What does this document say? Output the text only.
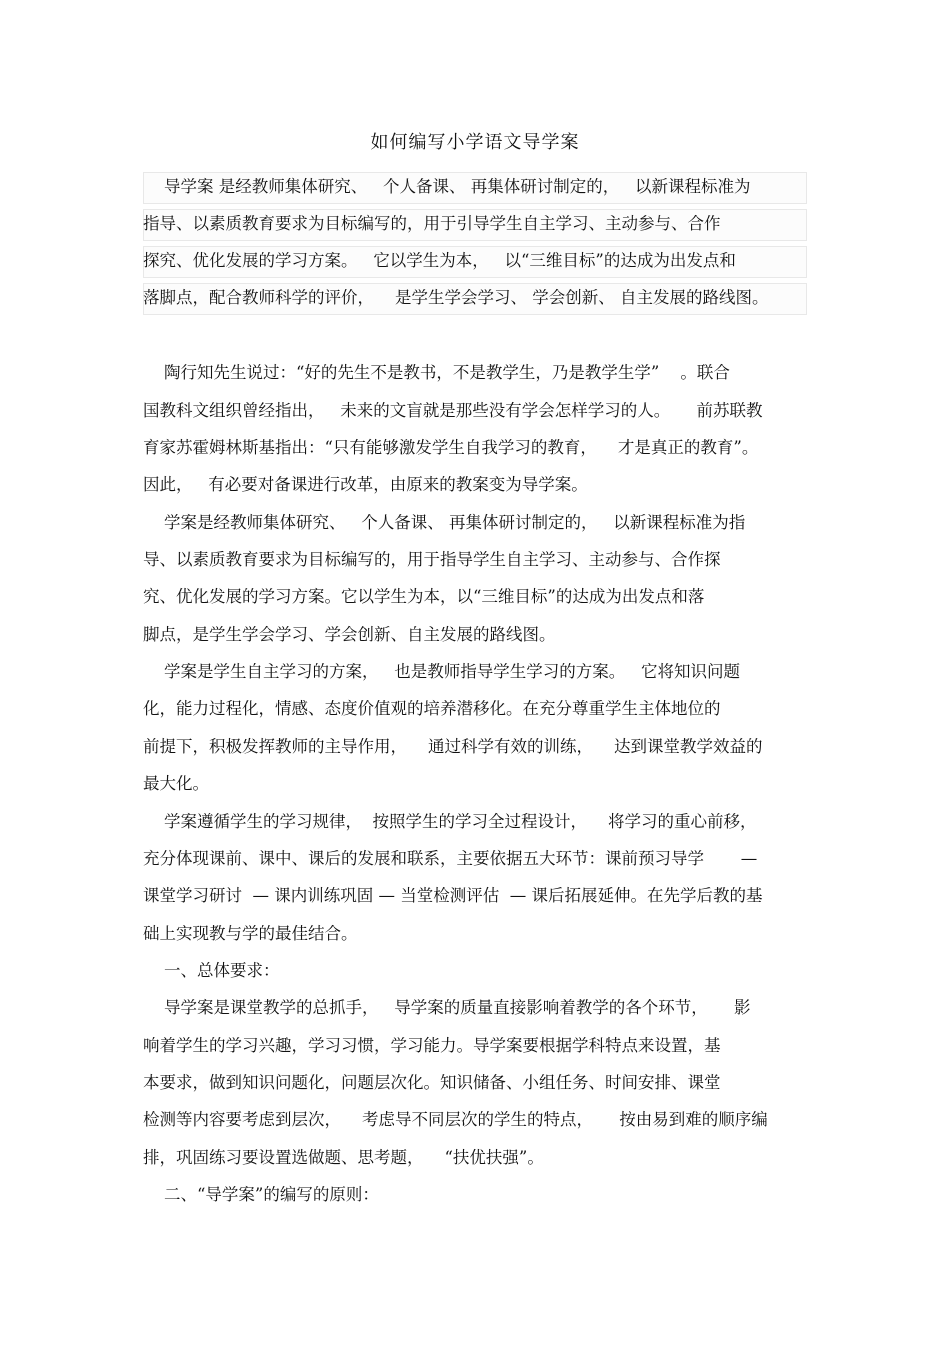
如何编写小学语文导学案
导学案 是经教师集体研究、   个人备课、 再集体研讨制定的，   以新课程标准为
指导、以素质教育要求为目标编写的，用于引导学生自主学习、主动参与、合作
探究、优化发展的学习方案。   它以学生为本，   以“三维目标”的达成为出发点和
落脚点，配合教师科学的评价，    是学生学会学习、 学会创新、 自主发展的路线图。
陶行知先生说过：“好的先生不是教书，不是教学生，乃是教学生学”    。联合
国教科文组织曾经指出，   未来的文盲就是那些没有学会怎样学习的人。     前苏联教
育家苏霍姆林斯基指出：“只有能够激发学生自我学习的教育，    才是真正的教育”。
因此，   有必要对备课进行改革，由原来的教案变为导学案。
学案是经教师集体研究、   个人备课、 再集体研讨制定的，   以新课程标准为指
导、以素质教育要求为目标编写的，用于指导学生自主学习、主动参与、合作探
究、优化发展的学习方案。它以学生为本，以“三维目标”的达成为出发点和落
脚点，是学生学会学习、学会创新、自主发展的路线图。
学案是学生自主学习的方案，   也是教师指导学生学习的方案。   它将知识问题
化，能力过程化，情感、态度价值观的培养潜移化。在充分尊重学生主体地位的
前提下，积极发挥教师的主导作用，    通过科学有效的训练，    达到课堂教学效益的
最大化。
学案遵循学生的学习规律，  按照学生的学习全过程设计，    将学习的重心前移，
充分体现课前、课中、课后的发展和联系，主要依据五大环节：课前预习导学       —
课堂学习研讨  — 课内训练巩固 — 当堂检测评估  — 课后拓展延伸。在先学后教的基
础上实现教与学的最佳结合。
一、总体要求：
导学案是课堂教学的总抓手，   导学案的质量直接影响着教学的各个环节，     影
响着学生的学习兴趣，学习习惯，学习能力。导学案要根据学科特点来设置，基
本要求，做到知识问题化，问题层次化。知识储备、小组任务、时间安排、课堂
检测等内容要考虑到层次，    考虑导不同层次的学生的特点，     按由易到难的顺序编
排，巩固练习要设置选做题、思考题，    “扶优扶强”。
二、“导学案”的编写的原则：
